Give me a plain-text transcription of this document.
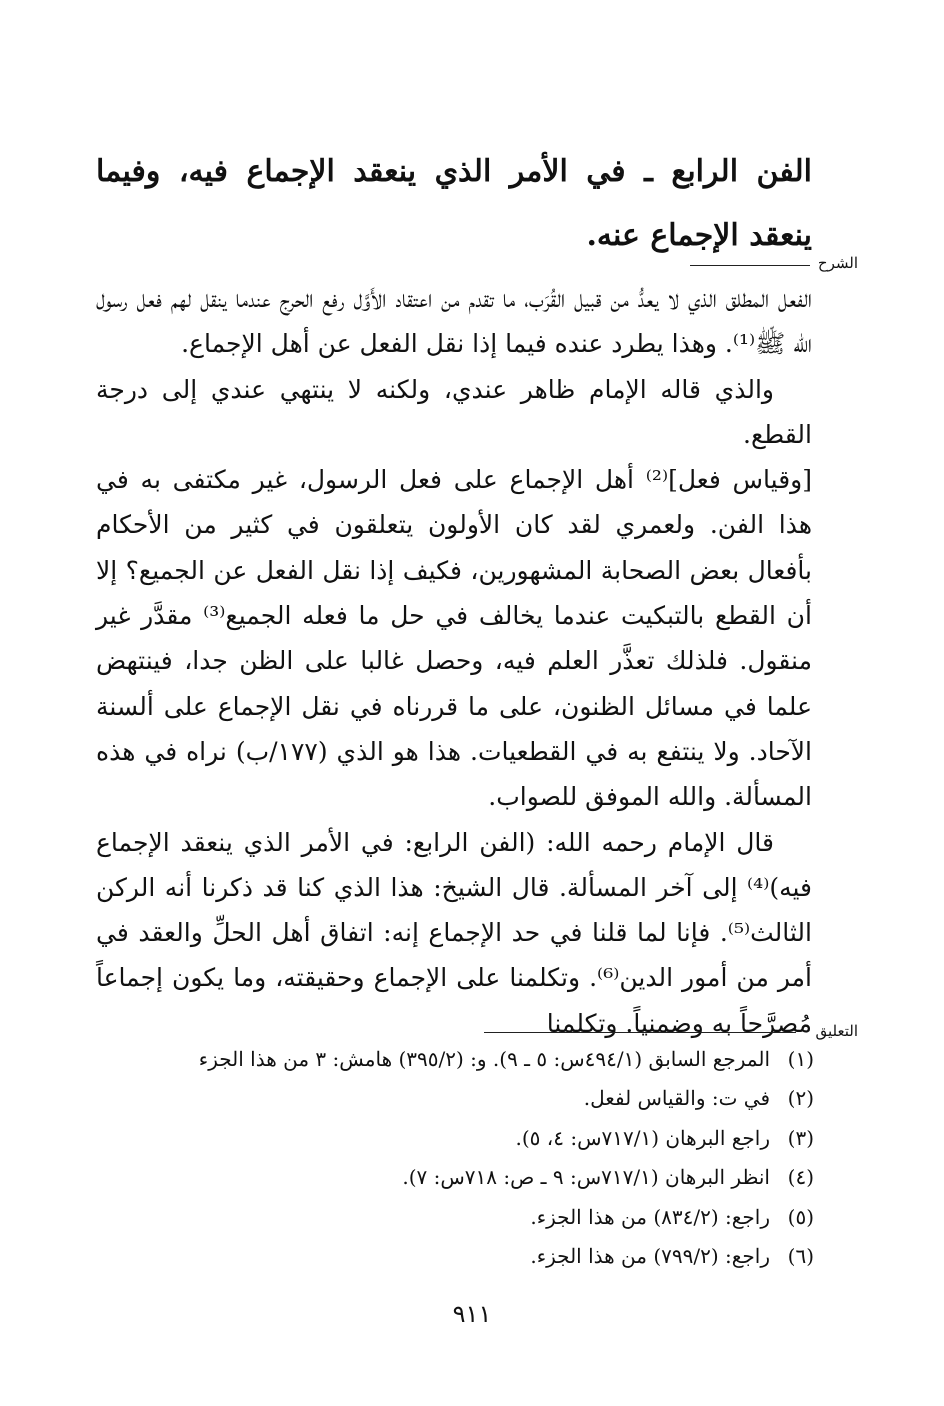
الفن الرابع ـ في الأمر الذي ينعقد الإجماع فيه، وفيما ينعقد الإجماع عنه.
الشرح

الفعل المطلق الذي لا يعدُّ من قبيل القُرَب، ما تقدم من اعتقاد الأَوَّل رفع الحرج عندما ينقل لهم فعل رسول الله ﷺ⁽¹⁾. وهذا يطرد عنده فيما إذا نقل الفعل عن أهل الإجماع.

والذي قاله الإمام ظاهر عندي، ولكنه لا ينتهي عندي إلى درجة القطع.

[وقياس فعل]⁽²⁾ أهل الإجماع على فعل الرسول، غير مكتفى به في هذا الفن. ولعمري لقد كان الأولون يتعلقون في كثير من الأحكام بأفعال بعض الصحابة المشهورين، فكيف إذا نقل الفعل عن الجميع؟ إلا أن القطع بالتبكيت عندما يخالف في حل ما فعله الجميع⁽³⁾ مقدَّر غير منقول. فلذلك تعذَّر العلم فيه، وحصل غالبا على الظن جدا، فينتهض علما في مسائل الظنون، على ما قررناه في نقل الإجماع على ألسنة الآحاد. ولا ينتفع به في القطعيات. هذا هو الذي (١٧٧/ب) نراه في هذه المسألة. والله الموفق للصواب.

قال الإمام رحمه الله: (الفن الرابع: في الأمر الذي ينعقد الإجماع فيه)⁽⁴⁾ إلى آخر المسألة. قال الشيخ: هذا الذي كنا قد ذكرنا أنه الركن الثالث⁽⁵⁾. فإنا لما قلنا في حد الإجماع إنه: اتفاق أهل الحلِّ والعقد في أمر من أمور الدين⁽⁶⁾. وتكلمنا على الإجماع وحقيقته، وما يكون إجماعاً مُصرَّحاً به وضمنياً. وتكلمنا التعليق
(١)
المرجع السابق (٤٩٤/١س: ٥ ـ ٩). و: (٣٩٥/٢) هامش: ٣ من هذا الجزء
(٢)
في ت: والقياس لفعل.
(٣)
راجع البرهان (٧١٧/١س: ٤، ٥).
(٤)
انظر البرهان (٧١٧/١س: ٩ ـ ص: ٧١٨س: ٧).
(٥)
راجع: (٨٣٤/٢) من هذا الجزء.
(٦)
راجع: (٧٩٩/٢) من هذا الجزء.
٩١١
